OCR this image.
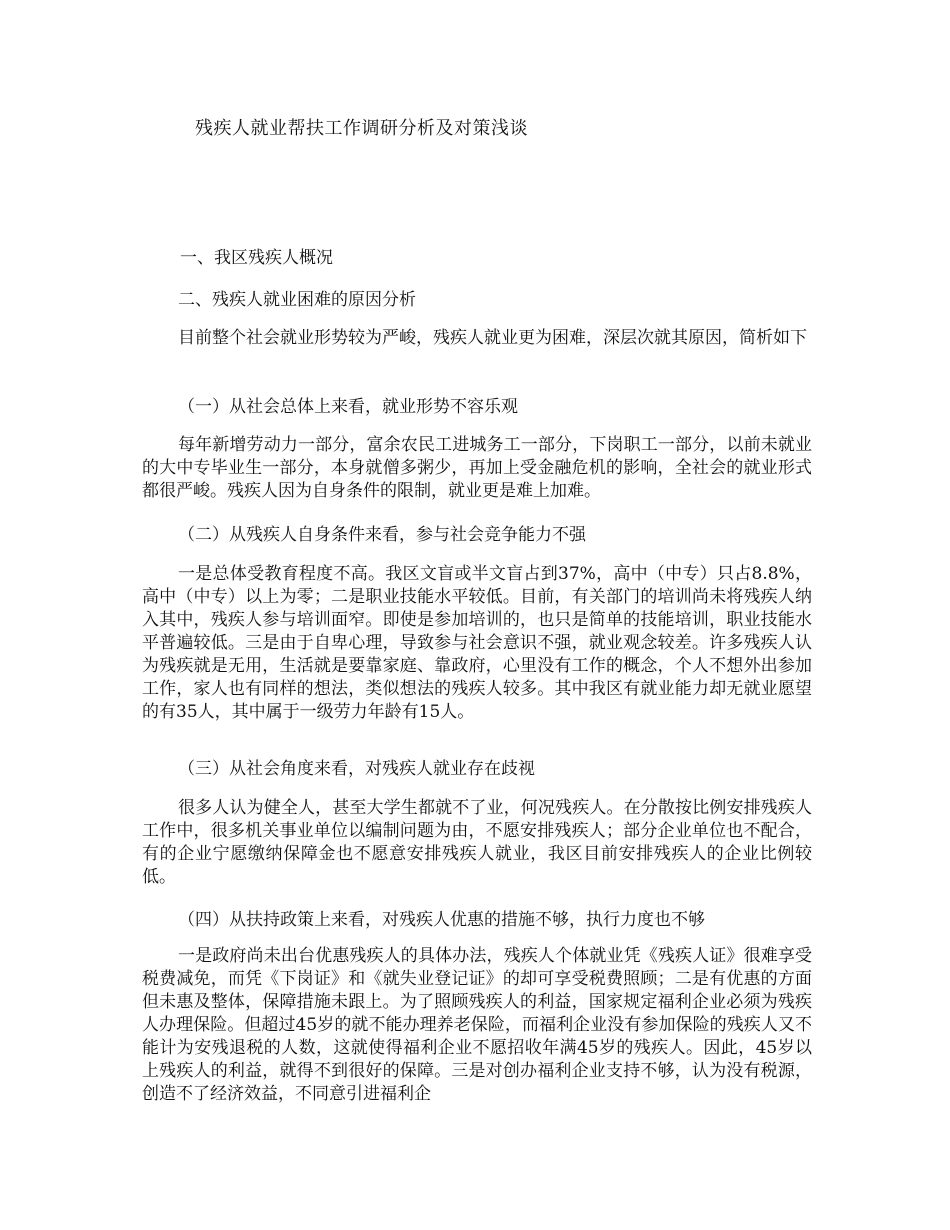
残疾人就业帮扶工作调研分析及对策浅谈
一、我区残疾人概况
二、残疾人就业困难的原因分析
目前整个社会就业形势较为严峻，残疾人就业更为困难，深层次就其原因，简析如下
（一）从社会总体上来看，就业形势不容乐观
每年新增劳动力一部分，富余农民工进城务工一部分，下岗职工一部分，以前未就业的大中专毕业生一部分，本身就僧多粥少，再加上受金融危机的影响，全社会的就业形式都很严峻。残疾人因为自身条件的限制，就业更是难上加难。
（二）从残疾人自身条件来看，参与社会竞争能力不强
一是总体受教育程度不高。我区文盲或半文盲占到37%，高中（中专）只占8.8%，高中（中专）以上为零；二是职业技能水平较低。目前，有关部门的培训尚未将残疾人纳入其中，残疾人参与培训面窄。即使是参加培训的，也只是简单的技能培训，职业技能水平普遍较低。三是由于自卑心理，导致参与社会意识不强，就业观念较差。许多残疾人认为残疾就是无用，生活就是要靠家庭、靠政府，心里没有工作的概念，个人不想外出参加工作，家人也有同样的想法，类似想法的残疾人较多。其中我区有就业能力却无就业愿望的有35人，其中属于一级劳力年龄有15人。
（三）从社会角度来看，对残疾人就业存在歧视
很多人认为健全人，甚至大学生都就不了业，何况残疾人。在分散按比例安排残疾人工作中，很多机关事业单位以编制问题为由，不愿安排残疾人；部分企业单位也不配合，有的企业宁愿缴纳保障金也不愿意安排残疾人就业，我区目前安排残疾人的企业比例较低。
（四）从扶持政策上来看，对残疾人优惠的措施不够，执行力度也不够
一是政府尚未出台优惠残疾人的具体办法，残疾人个体就业凭《残疾人证》很难享受税费减免，而凭《下岗证》和《就失业登记证》的却可享受税费照顾；二是有优惠的方面但未惠及整体，保障措施未跟上。为了照顾残疾人的利益，国家规定福利企业必须为残疾人办理保险。但超过45岁的就不能办理养老保险，而福利企业没有参加保险的残疾人又不能计为安残退税的人数，这就使得福利企业不愿招收年满45岁的残疾人。因此，45岁以上残疾人的利益，就得不到很好的保障。三是对创办福利企业支持不够，认为没有税源，创造不了经济效益，不同意引进福利企
